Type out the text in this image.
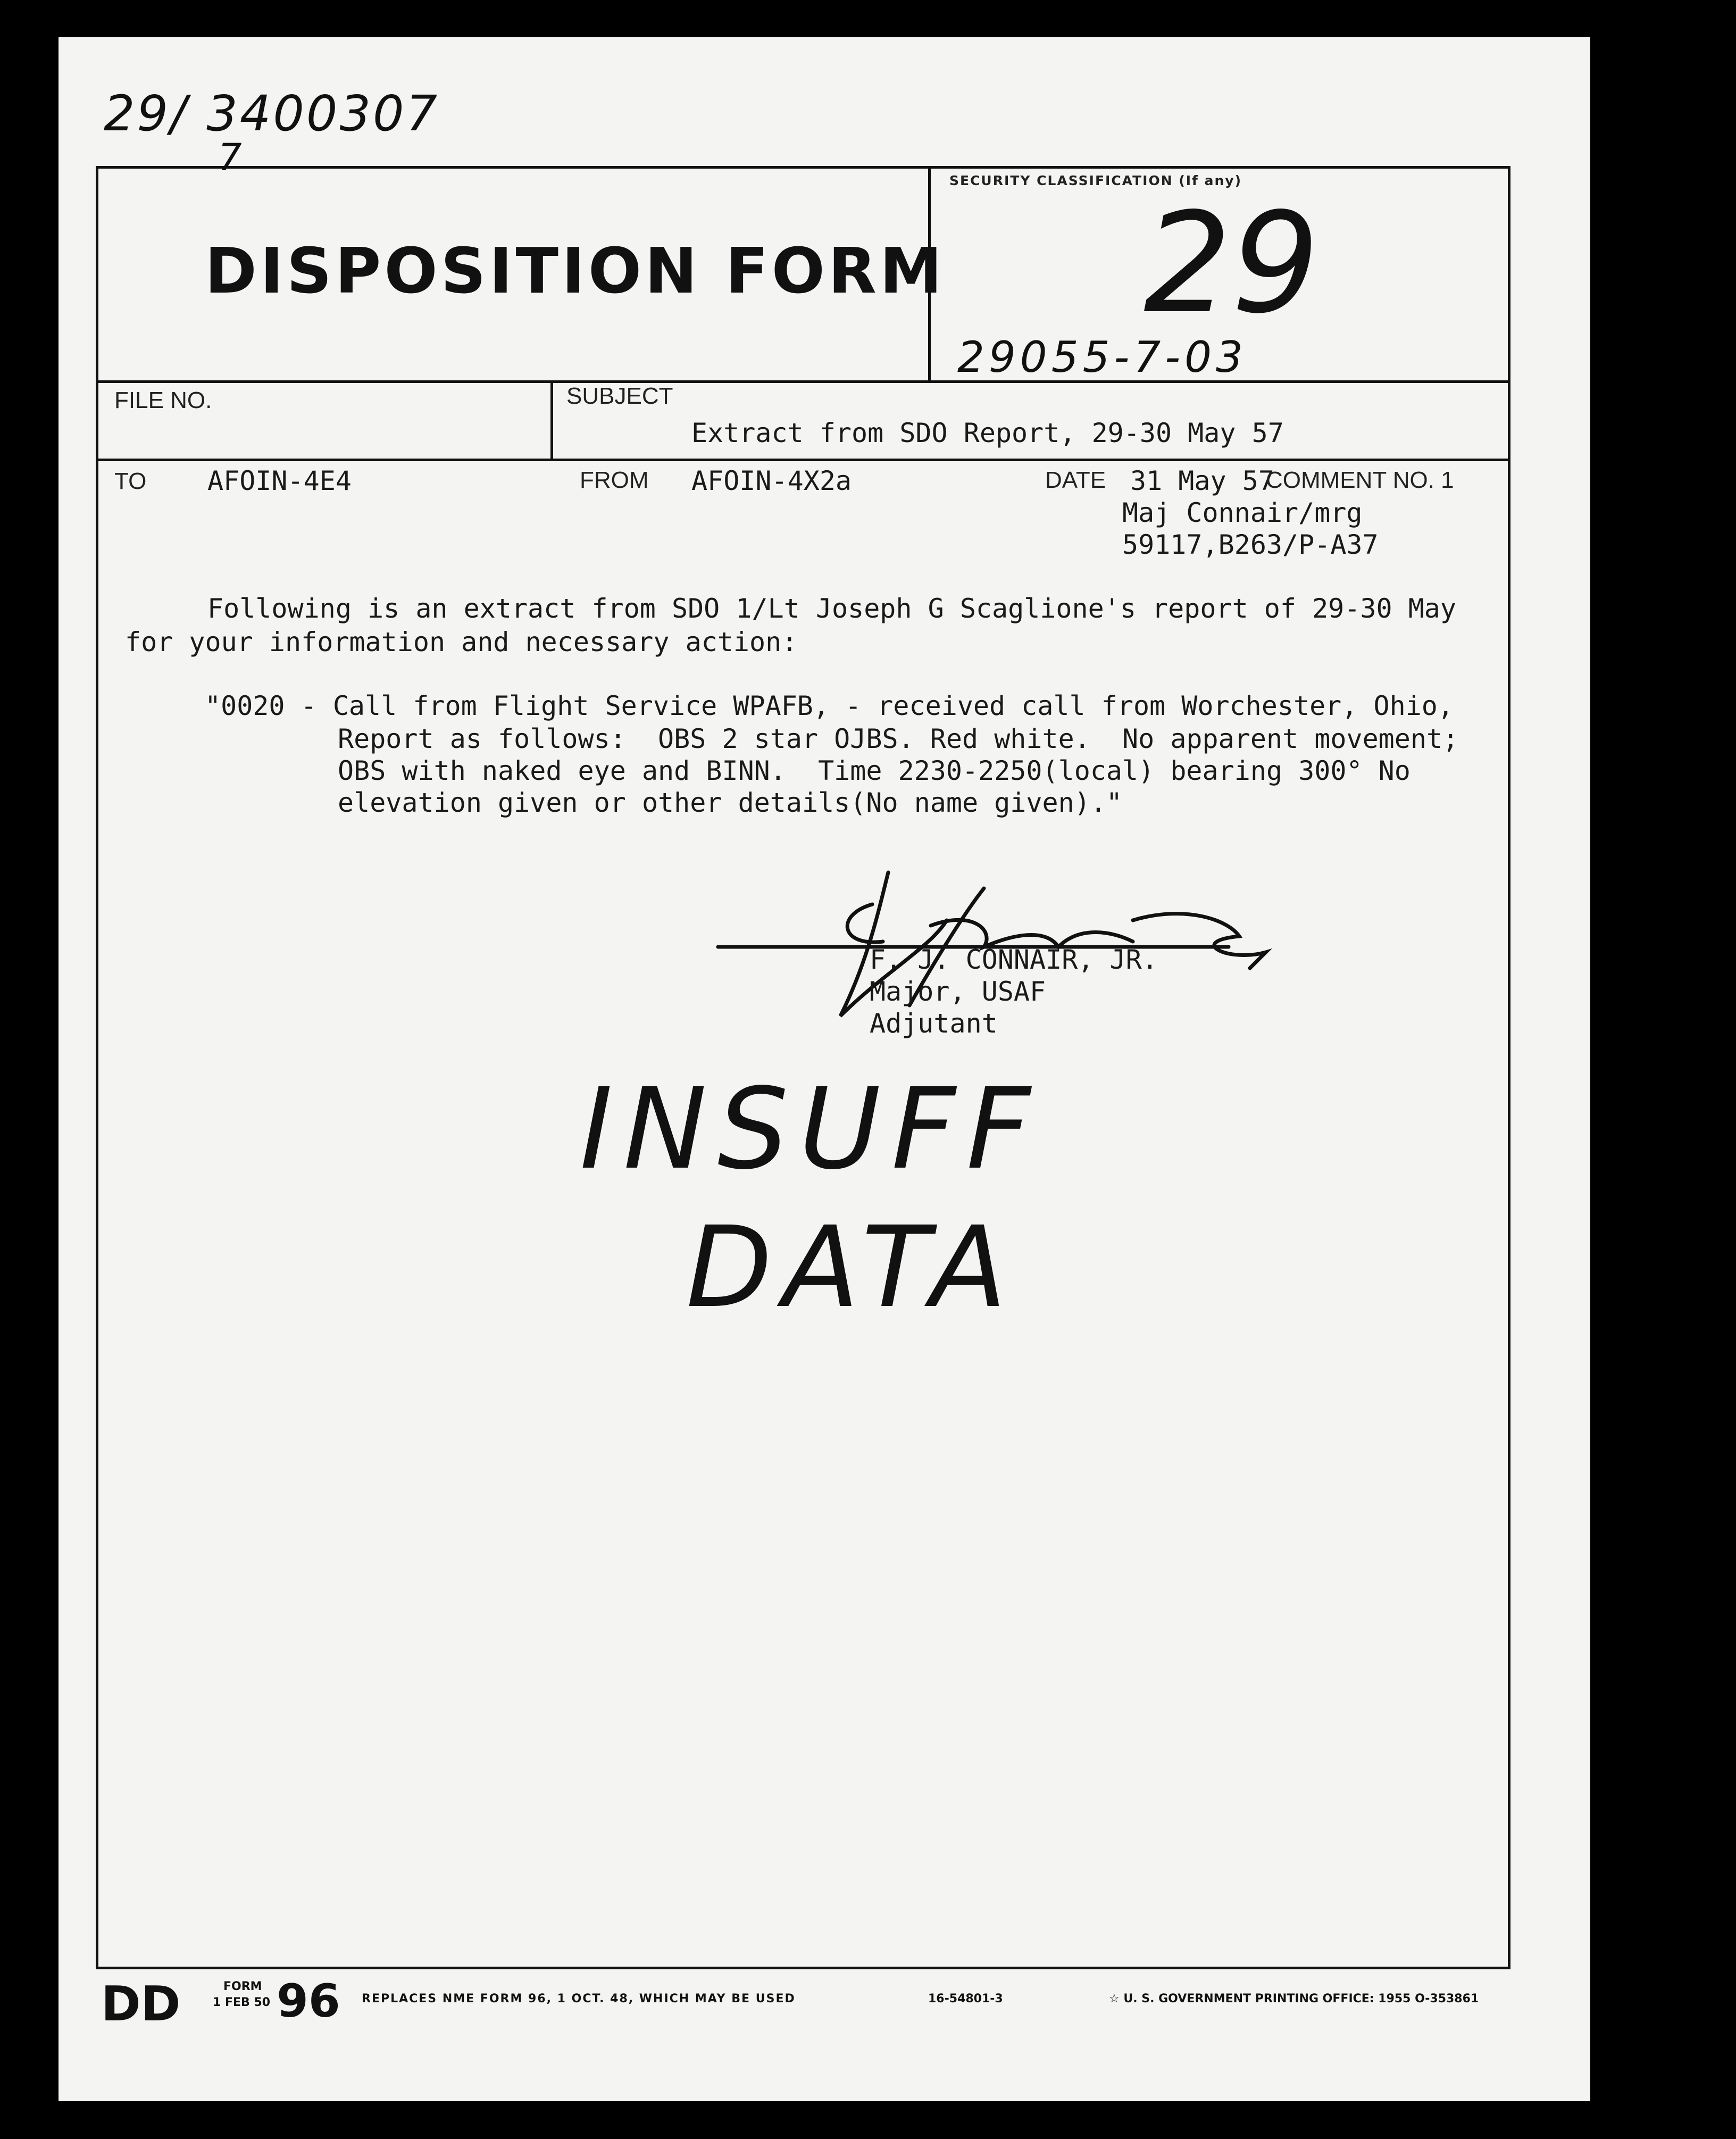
29/ 3400307
7
DISPOSITION FORM
SECURITY CLASSIFICATION (If any)
29
29055-7-03
FILE NO.	SUBJECT
Extract from SDO Report, 29-30 May 57
TO AFOIN-4E4	FROM AFOIN-4X2a	DATE 31 May 57
COMMENT NO. 1
Maj Connair/mrg
59117,B263/P-A37
Following is an extract from SDO 1/Lt Joseph G Scaglione's report of 29-30 May
for your information and necessary action:
"0020 - Call from Flight Service WPAFB, - received call from Worchester, Ohio,
Report as follows:  OBS 2 star OJBS. Red white.  No apparent movement;
OBS with naked eye and BINN.  Time 2230-2250(local) bearing 300° No
elevation given or other details(No name given)."
F. J. CONNAIR, JR.
Major, USAF
Adjutant
INSUFF
DATA
DD	FORM
1 FEB 50 96 REPLACES NME FORM 96, 1 OCT. 48, WHICH MAY BE USED	16-54801-3	☆ U. S. GOVERNMENT PRINTING OFFICE: 1955 O-353861
